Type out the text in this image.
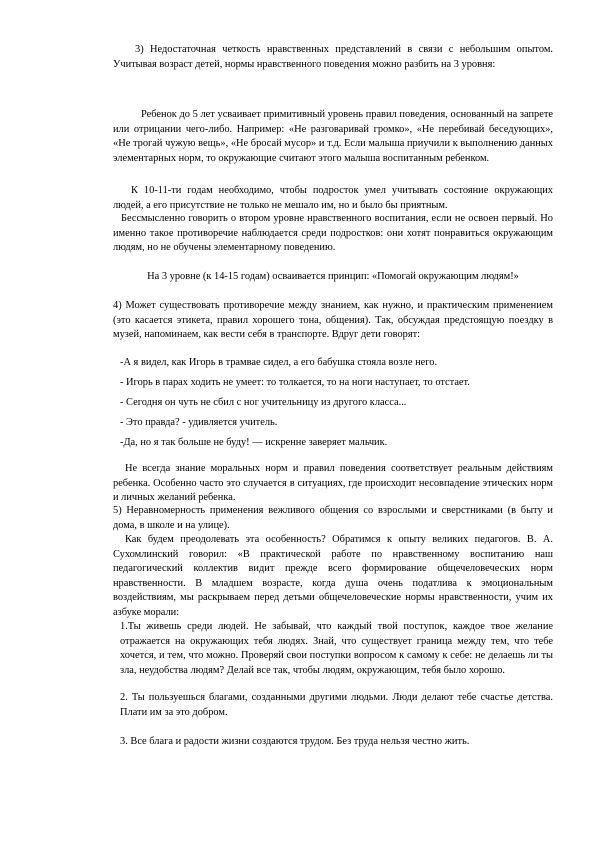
3) Недостаточная четкость нравственных представлений в связи с небольшим опытом. Учитывая возраст детей, нормы нравственного поведения можно разбить на 3 уровня:

Ребенок до 5 лет усваивает примитивный уровень правил поведения, основанный на запрете или отрицании чего-либо. Например: «Не разговаривай громко», «Не перебивай беседующих», «Не трогай чужую вещь», «Не бросай мусор» и т.д. Если малыша приучили к выполнению данных элементарных норм, то окружающие считают этого малыша воспитанным ребенком.

К 10-11-ти годам необходимо, чтобы подросток умел учитывать состояние окружающих людей, а его присутствие не только не мешало им, но и было бы приятным.

Бессмысленно говорить о втором уровне нравственного воспитания, если не освоен первый. Но именно такое противоречие наблюдается среди подростков: они хотят понравиться окружающим людям, но не обучены элементарному поведению.

На 3 уровне (к 14-15 годам) осваивается принцип: «Помогай окружающим людям!»

4) Может существовать противоречие между знанием, как нужно, и практическим применением (это касается этикета, правил хорошего тона, общения). Так, обсуждая предстоящую поездку в музей, напоминаем, как вести себя в транспорте. Вдруг дети говорят:

-А я видел, как Игорь в трамвае сидел, а его бабушка стояла возле него.

- Игорь в парах ходить не умеет: то толкается, то на ноги наступает, то отстает.

- Сегодня он чуть не сбил с ног учительницу из другого класса...

- Это правда? - удивляется учитель.

-Да, но я так больше не буду! — искренне заверяет мальчик.

Не всегда знание моральных норм и правил поведения соответствует реальным действиям ребенка. Особенно часто это случается в ситуациях, где происходит несовпадение этических норм и личных желаний ребенка.

5) Неравномерность применения вежливого общения со взрослыми и сверстниками (в быту и дома, в школе и на улице).

Как будем преодолевать эта особенность? Обратимся к опыту великих педагогов. В. А. Сухомлинский говорил: «В практической работе по нравственному воспитанию наш педагогический коллектив видит прежде всего формирование общечеловеческих норм нравственности. В младшем возрасте, когда душа очень податлива к эмоциональным воздействиям, мы раскрываем перед детьми общечеловеческие нормы нравственности, учим их азбуке морали:

1.Ты живешь среди людей. Не забывай, что каждый твой поступок, каждое твое желание отражается на окружающих тебя людях. Знай, что существует граница между тем, что тебе хочется, и тем, что можно. Проверяй свои поступки вопросом к самому к себе: не делаешь ли ты зла, неудобства людям? Делай все так, чтобы людям, окружающим, тебя было хорошо.

2. Ты пользуешься благами, созданными другими людьми. Люди делают тебе счастье детства. Плати им за это добром.

3. Все блага и радости жизни создаются трудом. Без труда нельзя честно жить.
